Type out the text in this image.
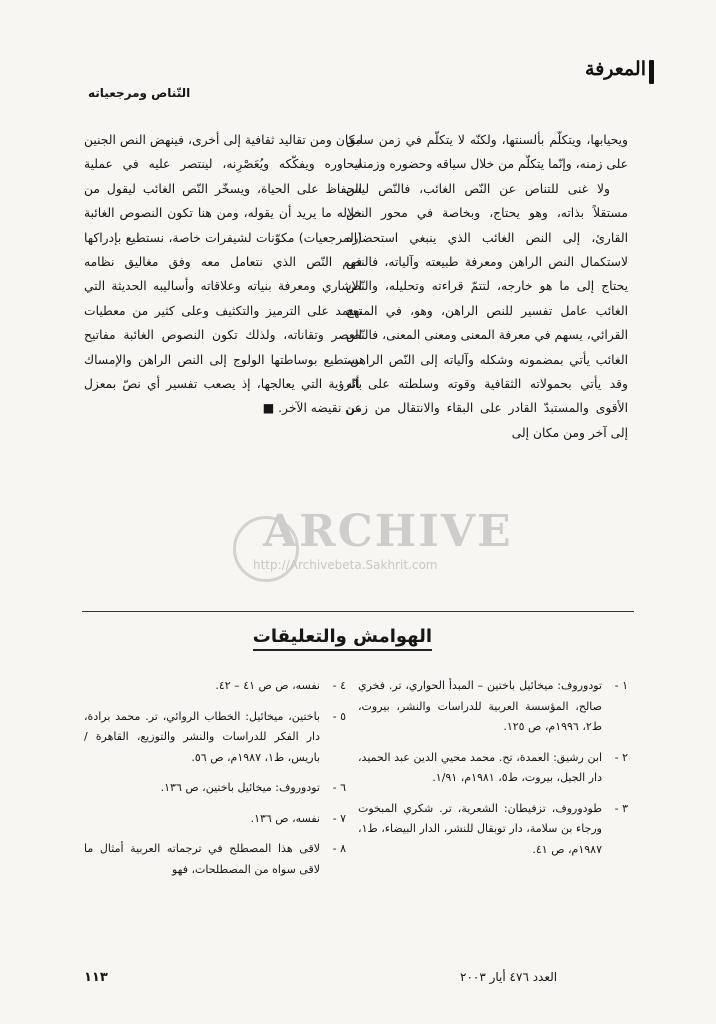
المعرفة
التّناص ومرجعياته

ويحيابها، ويتكلّم بألسنتها، ولكنّه لا يتكلّم في زمن سابق على زمنه، وإنّما يتكلّم من خلال سياقه وحضوره وزمنه.

ولا غنى للتناص عن النّص الغائب، فالنّص ليس مستقلاً بذاته، وهو يحتاج، وبخاصة في محور النص القارئ، إلى النص الغائب الذي ينبغي استحضاره لاستكمال النص الراهن ومعرفة طبيعته وآلياته، فالنص يحتاج إلى ما هو خارجه، لتتمّ قراءته وتحليله، والنّص الغائب عامل تفسير للنص الراهن، وهو، في المنهج القرائي، يسهم في معرفة المعنى ومعنى المعنى، فالنّص الغائب يأتي بمضمونه وشكله وآلياته إلى النّص الراهن، وقد يأتي بحمولاته الثقافية وقوته وسلطته على أنّه الأقوى والمستبدّ القادر على البقاء والانتقال من زمن إلى آخر ومن مكان إلى

مكان ومن تقاليد ثقافية إلى أخرى، فينهض النص الجنين ليحاوره ويفكّكه ويُعَصْرِنه، لينتصر عليه في عملية الحفاظ على الحياة، ويسخّر النّص الغائب ليقول من خلاله ما يريد أن يقوله، ومن هنا تكون النصوص الغائبة (المرجعيات) مكوّنات لشيفرات خاصة، نستطيع بإدراكها فهم النّص الذي نتعامل معه وفق مغاليق نظامه الإشاري ومعرفة بنياته وعلاقاته وأساليبه الحديثة التي تعتمد على الترميز والتكثيف وعلى كثير من معطيات العصر وتقاناته، ولذلك تكون النصوص الغائبة مفاتيح نستطيع بوساطتها الولوج إلى النص الراهن والإمساك بالرؤية التي يعالجها، إذ يصعب تفسير أي نصّ بمعزل عن نقيضه الآخر. ■

الهوامش والتعليقات
١ -
تودوروف: ميخائيل باختين – المبدأ الحواري، تر. فخري صالح، المؤسسة العربية للدراسات والنشر، بيروت، ط٢، ١٩٩٦م، ص ١٢٥.
٢ -
ابن رشيق: العمدة، تح. محمد محيي الدين عبد الحميد، دار الجيل، بيروت، ط٥، ١٩٨١م، ١/٩١.
٣ -
طودوروف، تزفيطان: الشعرية، تر. شكري المبخوت ورجاء بن سلامة، دار توبقال للنشر، الدار البيضاء، ط١، ١٩٨٧م، ص ٤١.
٤ -
نفسه، ص ص ٤١ – ٤٢.
٥ -
باختين، ميخائيل: الخطاب الروائي، تر. محمد برادة، دار الفكر للدراسات والنشر والتوزيع، القاهرة / باريس، ط١، ١٩٨٧م، ص ٥٦.
٦ -
تودوروف: ميخائيل باختين، ص ١٣٦.
٧ -
نفسه، ص ١٣٦.
٨ -
لاقى هذا المصطلح في ترجماته العربية أمثال ما لاقى سواه من المصطلحات، فهو
العدد ٤٧٦ أيار ٢٠٠٣
١١٣
ARCHIVE
http://Archivebeta.Sakhrit.com
